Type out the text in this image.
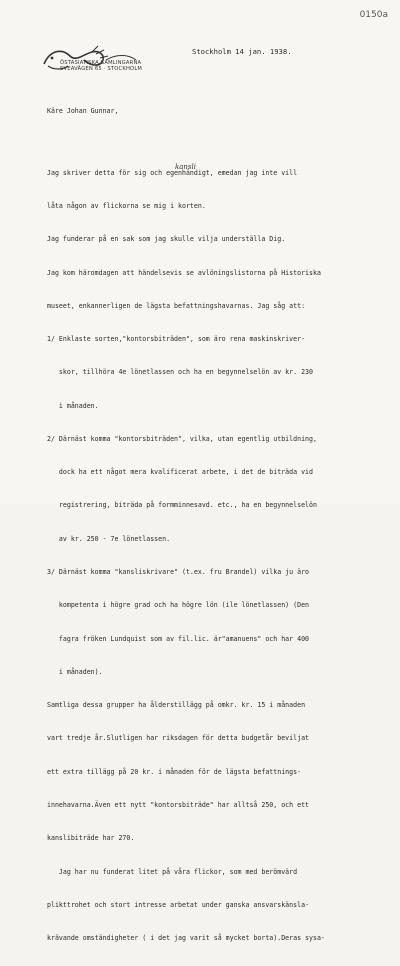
0150a
ÖSTASIATISKA SAMLINGARNA
SVEAVÄGEN 65 · STOCKHOLM
Stockholm 14 jan. 1938.
kansli

Käre Johan Gunnar,

Jag skriver detta för sig och egenhändigt, emedan jag inte vill

låta någon av flickorna se mig i korten.

Jag funderar på en sak som jag skulle vilja underställa Dig.

Jag kom häromdagen att händelsevis se avlöningslistorna på Historiska

museet, enkannerligen de lägsta befattningshavarnas. Jag såg att:

1/ Enklaste sorten,"kontorsbiträden", som äro rena maskinskriver-

skor, tillhöra 4e lönetlassen och ha en begynnelselön av kr. 230

i månaden.

2/ Därnäst komma "kontorsbiträden", vilka, utan egentlig utbildning,

dock ha ett något mera kvalificerat arbete, i det de biträda vid

registrering, biträda på formminnesavd. etc., ha en begynnelselön

av kr. 250 - 7e lönetlassen.

3/ Därnäst komma "kansliskrivare" (t.ex. fru Brandel) vilka ju äro

kompetenta i högre grad och ha högre lön (ile lönetlassen) (Den

fagra fröken Lundquist som av fil.lic. är"amanuens" och har 400

i månaden).

Samtliga dessa grupper ha ålderstillägg på omkr. kr. 15 i månaden

vart tredje år.Slutligen har riksdagen för detta budgetår beviljat

ett extra tillägg på 20 kr. i månaden för de lägsta befattnings-

innehavarna.Även ett nytt "kontorsbiträde" har alltså 250, och ett

kanslibiträde har 270.

Jag har nu funderat litet på våra flickor, som med berömvärd

plikttrohet och stort intresse arbetat under ganska ansvarskänsla-

krävande omständigheter ( i det jag varit så mycket borta).Deras sysa-
